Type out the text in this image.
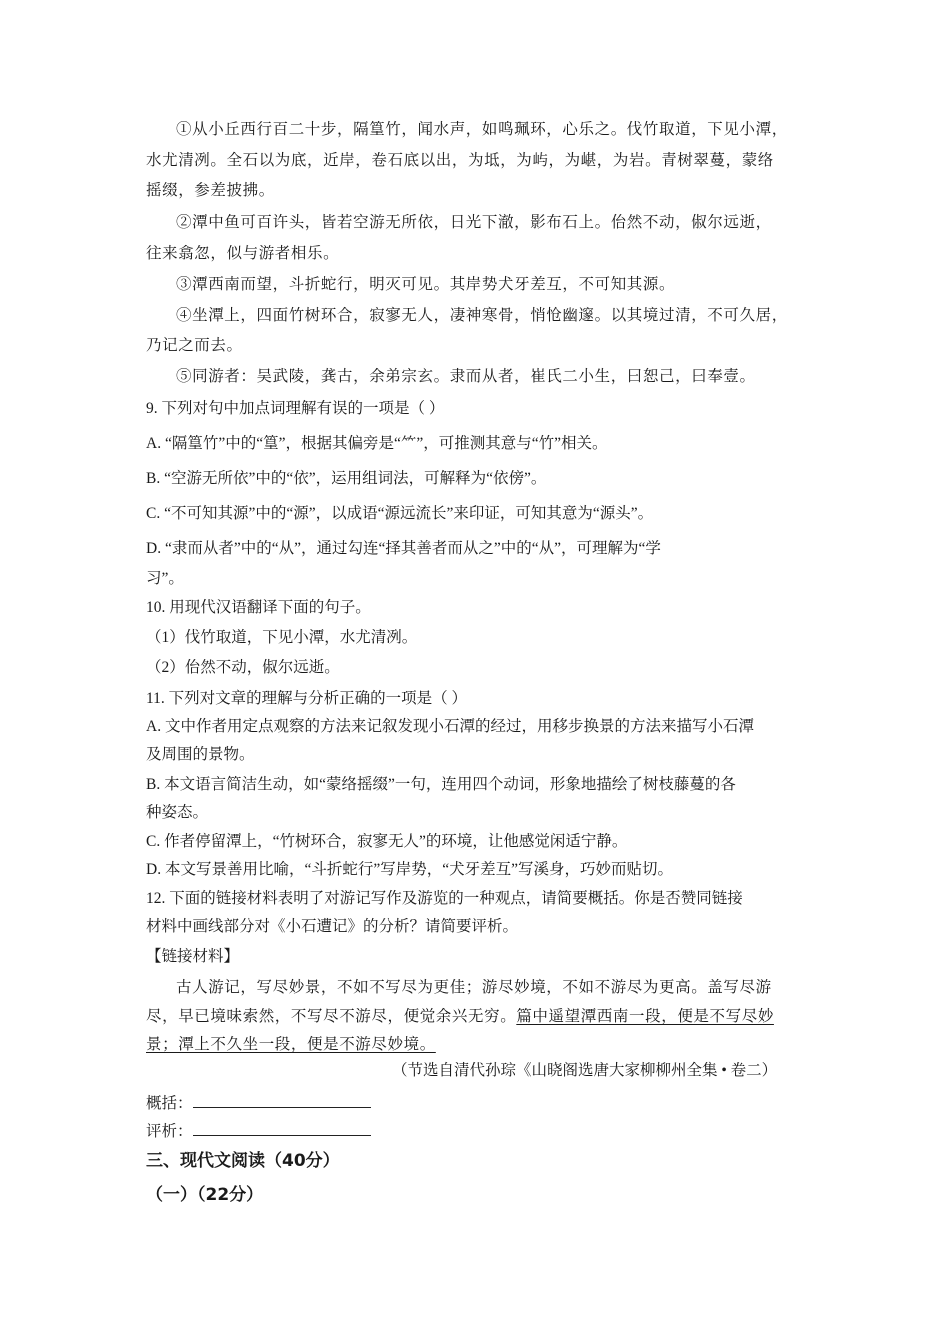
①从小丘西行百二十步，隔篁竹，闻水声，如鸣珮环，心乐之。伐竹取道，下见小潭，
水尤清冽。全石以为底，近岸，卷石底以出，为坻，为屿，为嵁，为岩。青树翠蔓，蒙络
摇缀，参差披拂。
②潭中鱼可百许头，皆若空游无所依，日光下澈，影布石上。佁然不动，俶尔远逝，
往来翕忽，似与游者相乐。
③潭西南而望，斗折蛇行，明灭可见。其岸势犬牙差互，不可知其源。
④坐潭上，四面竹树环合，寂寥无人，凄神寒骨，悄怆幽邃。以其境过清，不可久居，
乃记之而去。
⑤同游者：吴武陵，龚古，余弟宗玄。隶而从者，崔氏二小生，曰恕己，曰奉壹。
9. 下列对句中加点词理解有误的一项是（ ）
A. “隔篁竹”中的“篁”，根据其偏旁是“⺮”，可推测其意与“竹”相关。
B. “空游无所依”中的“依”，运用组词法，可解释为“依傍”。
C. “不可知其源”中的“源”，以成语“源远流长”来印证，可知其意为“源头”。
D. “隶而从者”中的“从”，通过勾连“择其善者而从之”中的“从”，可理解为“学
习”。
10. 用现代汉语翻译下面的句子。
（1）伐竹取道，下见小潭，水尤清冽。
（2）佁然不动，俶尔远逝。
11. 下列对文章的理解与分析正确的一项是（ ）
A. 文中作者用定点观察的方法来记叙发现小石潭的经过，用移步换景的方法来描写小石潭
及周围的景物。
B. 本文语言简洁生动，如“蒙络摇缀”一句，连用四个动词，形象地描绘了树枝藤蔓的各
种姿态。
C. 作者停留潭上，“竹树环合，寂寥无人”的环境，让他感觉闲适宁静。
D. 本文写景善用比喻，“斗折蛇行”写岸势，“犬牙差互”写溪身，巧妙而贴切。
12. 下面的链接材料表明了对游记写作及游览的一种观点，请简要概括。你是否赞同链接
材料中画线部分对《小石遭记》的分析？请简要评析。
【链接材料】
古人游记，写尽妙景，不如不写尽为更佳；游尽妙境，不如不游尽为更高。盖写尽游
尽，早已境味索然，不写尽不游尽，便觉余兴无穷。篇中遥望潭西南一段，便是不写尽妙
景；潭上不久坐一段，便是不游尽妙境。
（节选自清代孙琮《山晓阁选唐大家柳柳州全集 • 卷二）
概括：
评析：
三、现代文阅读（40分）
（一）（22分）
